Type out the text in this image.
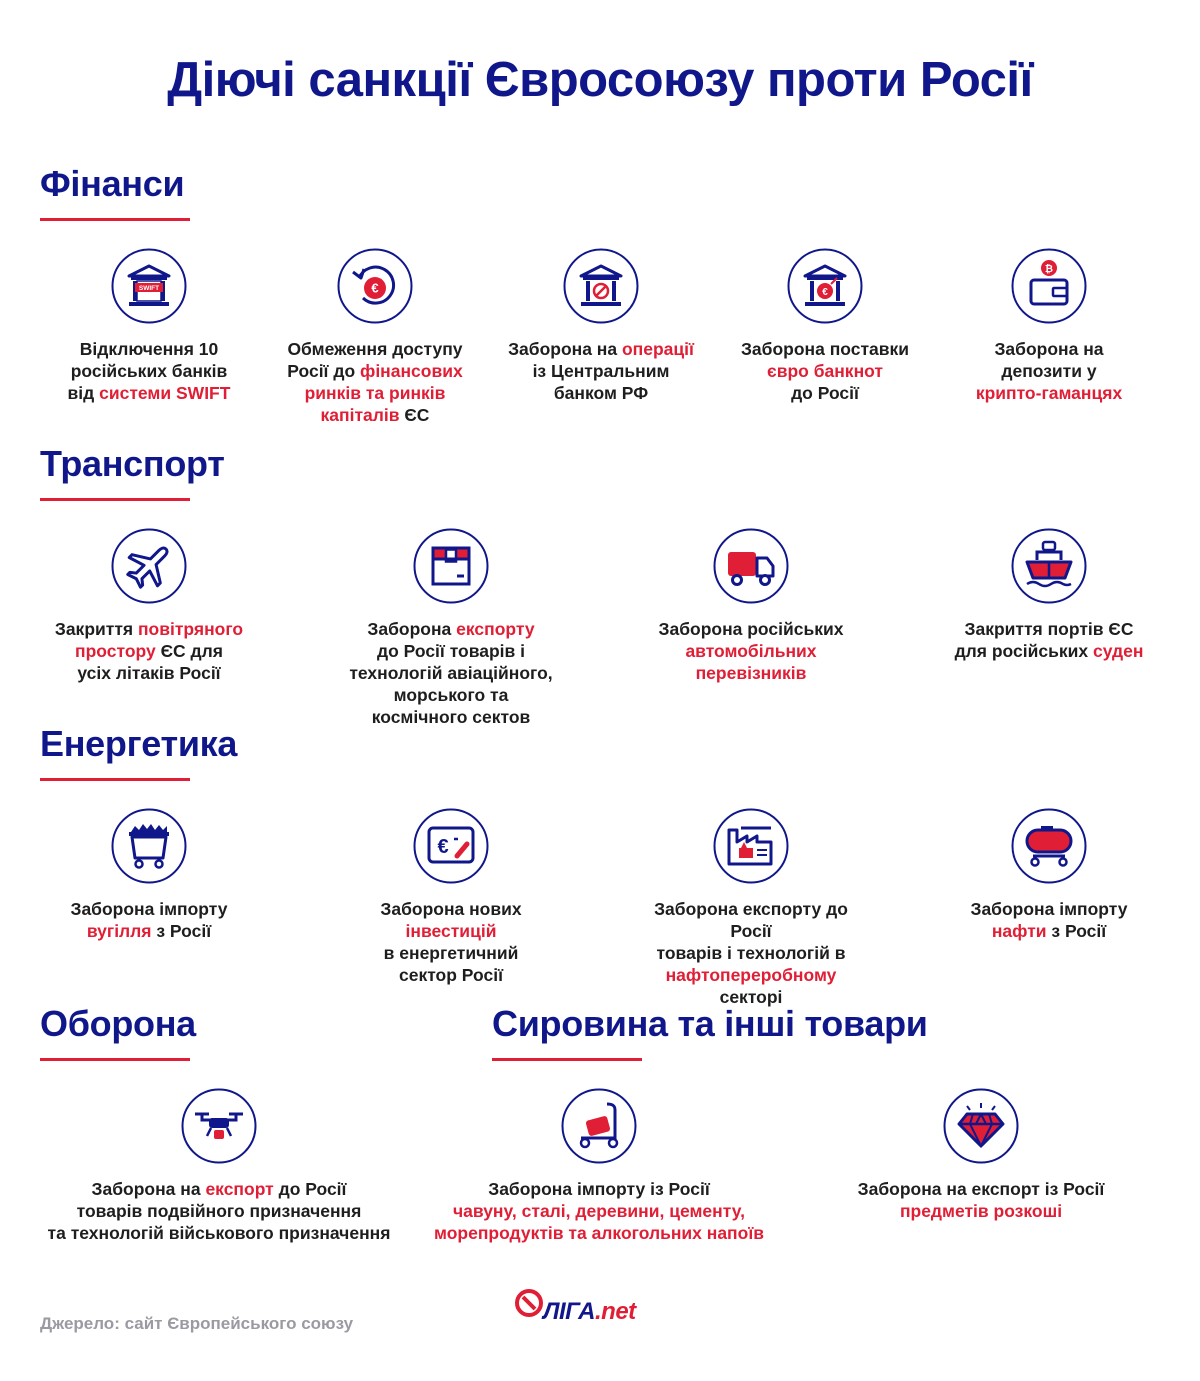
Діючі санкції Євросоюзу проти Росії
Фінанси
SWIFT
Відключення 10
російських банків
від системи SWIFT
€
Обмеження доступу
Росії до фінансових
ринків та ринків
капіталів ЄС
Заборона на операції
із Центральним
банком РФ
€
Заборона поставки
євро банкнот
до Росії
₿
Заборона на
депозити у
крипто-гаманцях
Транспорт
Закриття повітряного
простору ЄС для
усіх літаків Росії
Заборона експорту
до Росії товарів і
технологій авіаційного,
морського та
космічного сектов
Заборона російських
автомобільних перевізників
Закриття портів ЄС
для російських суден
Енергетика
Заборона імпорту
вугілля з Росії
€
Заборона нових інвестицій
в енергетичний
сектор Росії
Заборона експорту до Росії
товарів і технологій в
нафтопереробному секторі
Заборона імпорту
нафти з Росії
Оборона	Сировина та інші товари
Заборона на експорт до Росії
товарів подвійного призначення
та технологій військового призначення
Заборона імпорту із Росії
чавуну, сталі, деревини, цементу,
морепродуктів та алкогольних напоїв
Заборона на експорт із Росії
предметів розкоші
Джерело: сайт Європейського союзу	ЛІГА.net
